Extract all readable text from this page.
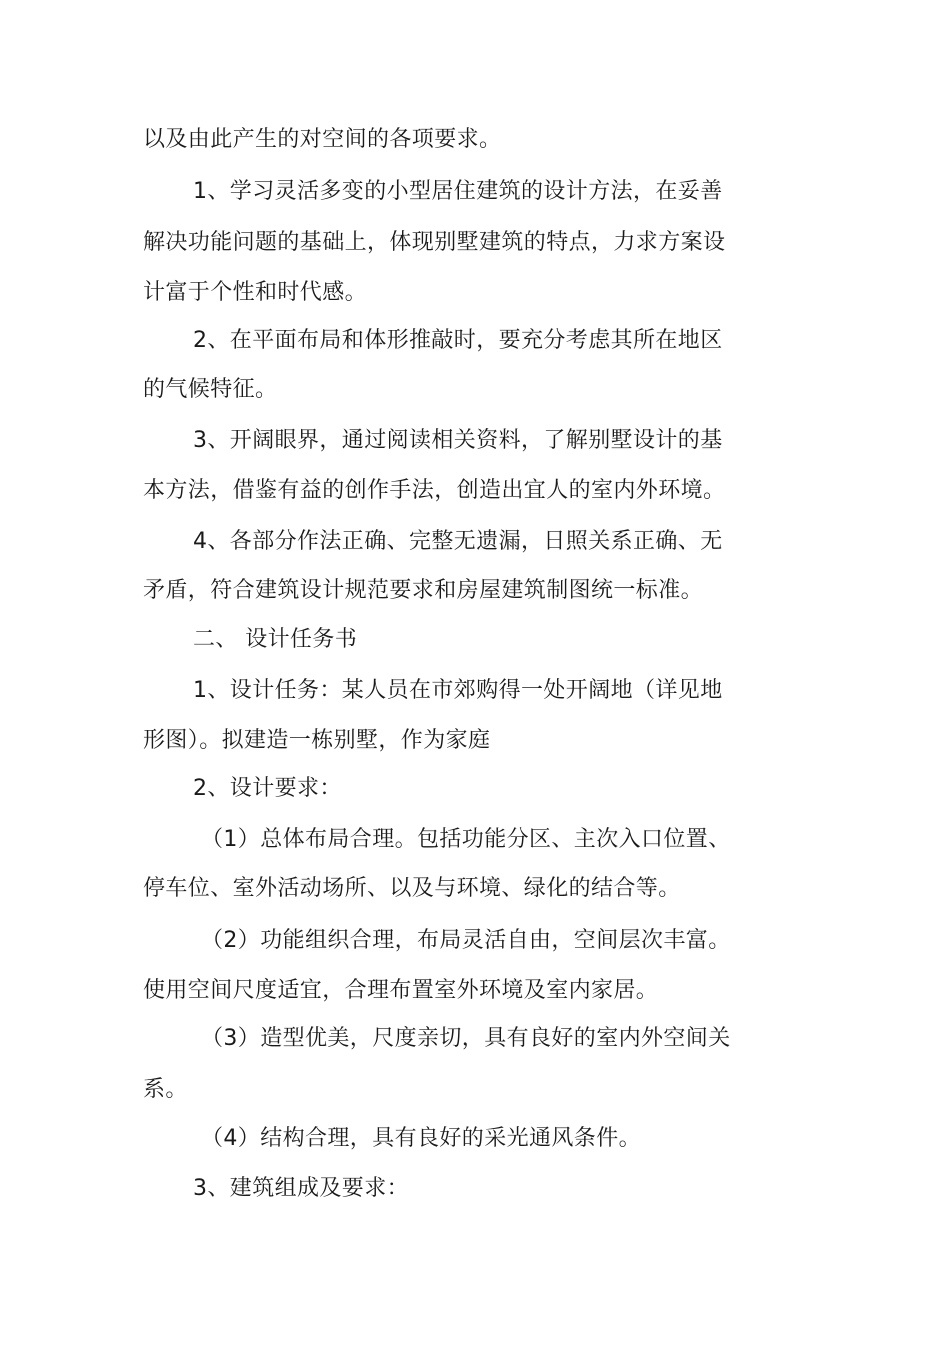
以及由此产生的对空间的各项要求。
1、学习灵活多变的小型居住建筑的设计方法，在妥善
解决功能问题的基础上，体现别墅建筑的特点，力求方案设
计富于个性和时代感。
2、在平面布局和体形推敲时，要充分考虑其所在地区
的气候特征。
3、开阔眼界，通过阅读相关资料，了解别墅设计的基
本方法，借鉴有益的创作手法，创造出宜人的室内外环境。
4、各部分作法正确、完整无遗漏，日照关系正确、无
矛盾，符合建筑设计规范要求和房屋建筑制图统一标准。
二、 设计任务书
1、设计任务：某人员在市郊购得一处开阔地（详见地
形图）。拟建造一栋别墅，作为家庭
2、设计要求：
（1）总体布局合理。包括功能分区、主次入口位置、
停车位、室外活动场所、以及与环境、绿化的结合等。
（2）功能组织合理，布局灵活自由，空间层次丰富。
使用空间尺度适宜，合理布置室外环境及室内家居。
（3）造型优美，尺度亲切，具有良好的室内外空间关
系。
（4）结构合理，具有良好的采光通风条件。
3、建筑组成及要求：
